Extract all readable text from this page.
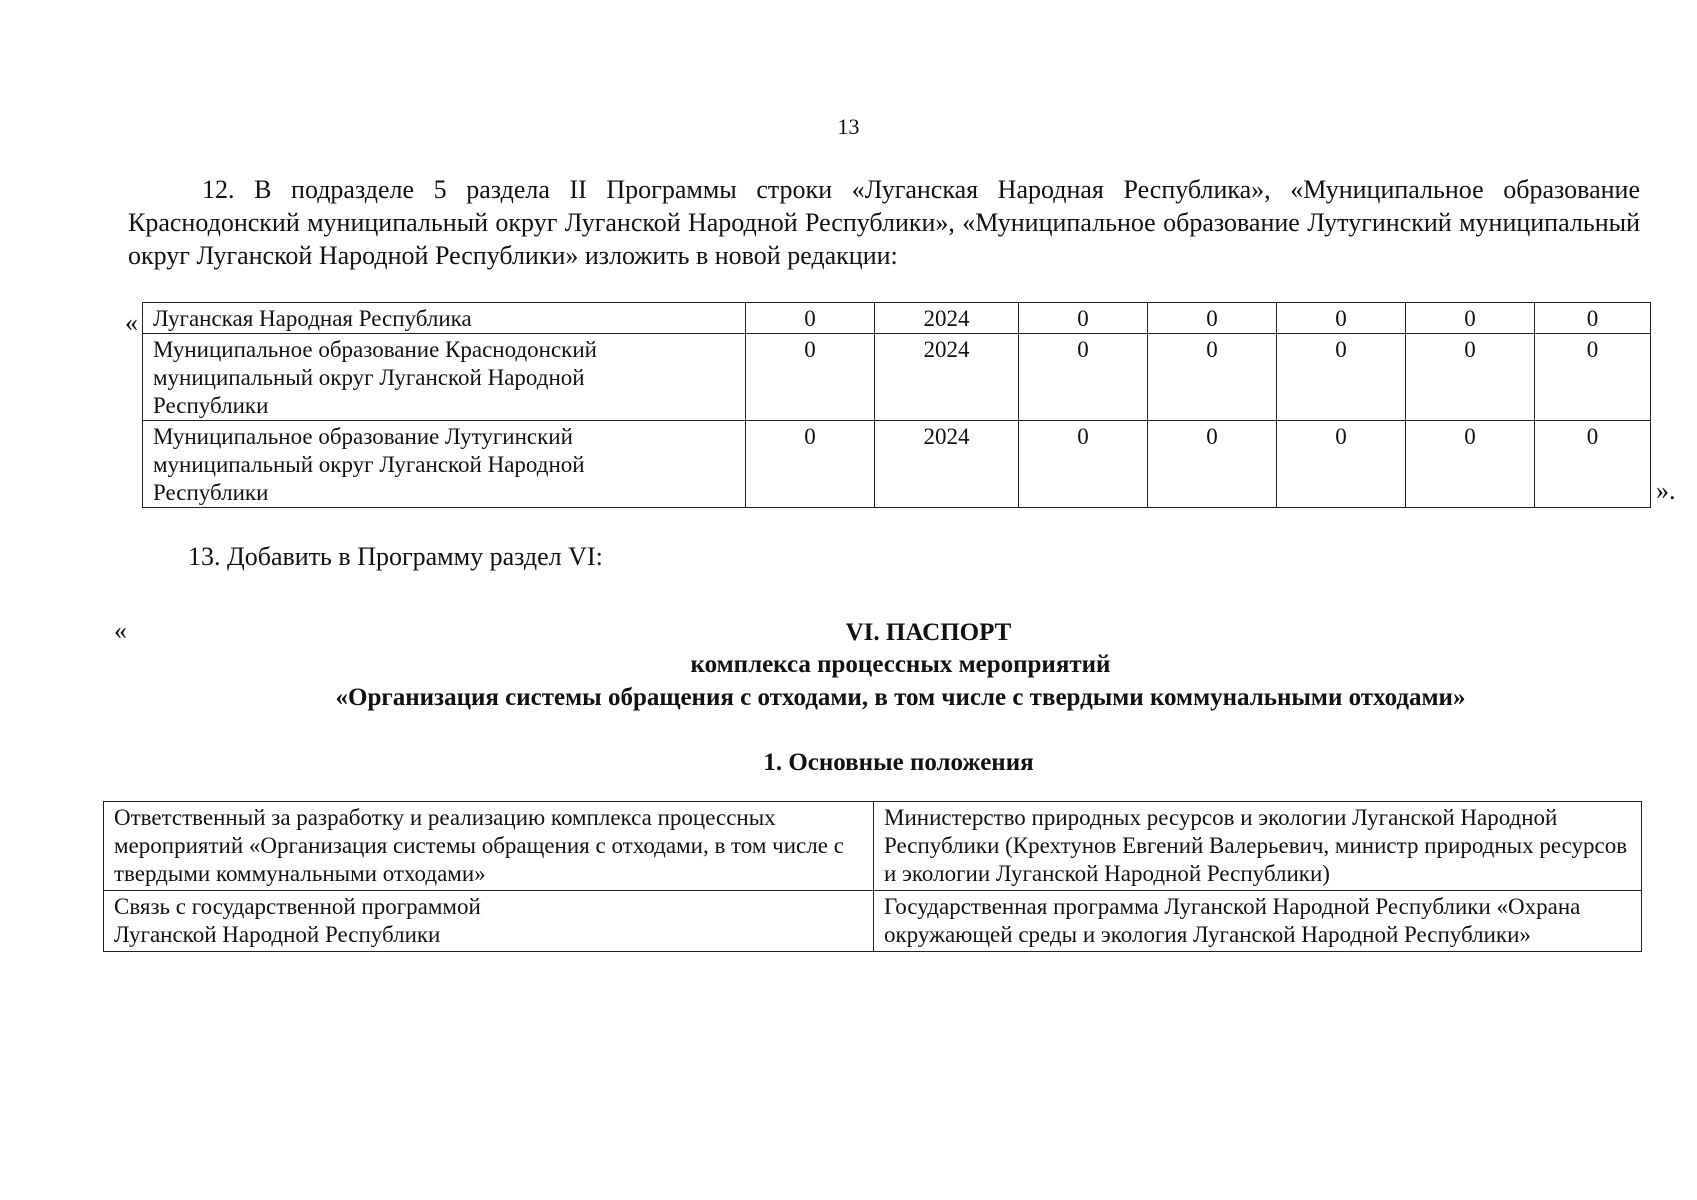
13
12. В подразделе 5 раздела II Программы строки «Луганская Народная Республика», «Муниципальное образование Краснодонский муниципальный округ Луганской Народной Республики», «Муниципальное образование Лутугинский муниципальный округ Луганской Народной Республики» изложить в новой редакции:
« Луганская Народная Республика	0	2024	0	0	0	0	0
Муниципальное образование Краснодонский муниципальный округ Луганской Народной Республики	0	2024	0	0	0	0	0
Муниципальное образование Лутугинский муниципальный округ Луганской Народной Республики	0	2024	0	0	0	0	0
».
13. Добавить в Программу раздел VI:
«	VI. ПАСПОРТ
комплекса процессных мероприятий
«Организация системы обращения с отходами, в том числе с твердыми коммунальными отходами»
1. Основные положения
Ответственный за разработку и реализацию комплекса процессных мероприятий «Организация системы обращения с отходами, в том числе с твердыми коммунальными отходами»	Министерство природных ресурсов и экологии Луганской Народной Республики (Крехтунов Евгений Валерьевич, министр природных ресурсов и экологии Луганской Народной Республики)
Связь с государственной программой Луганской Народной Республики	Государственная программа Луганской Народной Республики «Охрана окружающей среды и экология Луганской Народной Республики»
